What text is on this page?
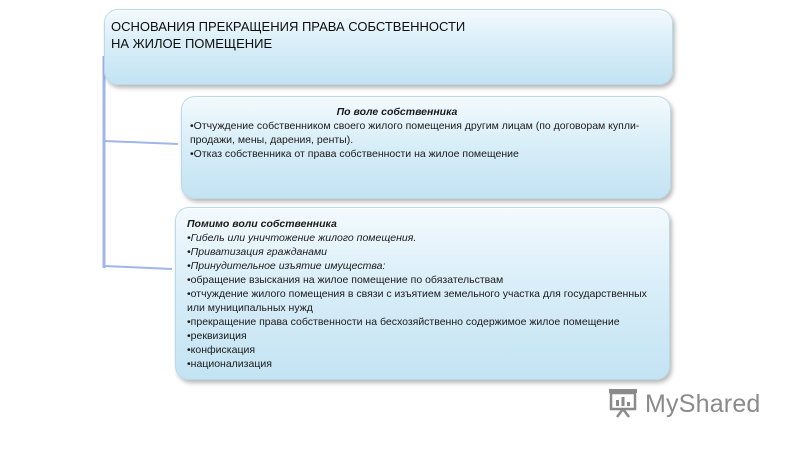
ОСНОВАНИЯ ПРЕКРАЩЕНИЯ ПРАВА СОБСТВЕННОСТИ
НА ЖИЛОЕ ПОМЕЩЕНИЕ
По воле собственника
•Отчуждение собственником своего жилого помещения другим лицам (по договорам купли-продажи, мены, дарения, ренты).
•Отказ собственника от права собственности на жилое помещение
Помимо воли собственника
•Гибель или уничтожение жилого помещения.
•Приватизация гражданами
•Принудительное изъятие имущества:
•обращение взыскания на жилое помещение по обязательствам
•отчуждение жилого помещения в связи с изъятием земельного участка для государственных или муниципальных нужд
•прекращение права собственности на бесхозяйственно содержимое жилое помещение
•реквизиция
•конфискация
•национализация
MyShared
